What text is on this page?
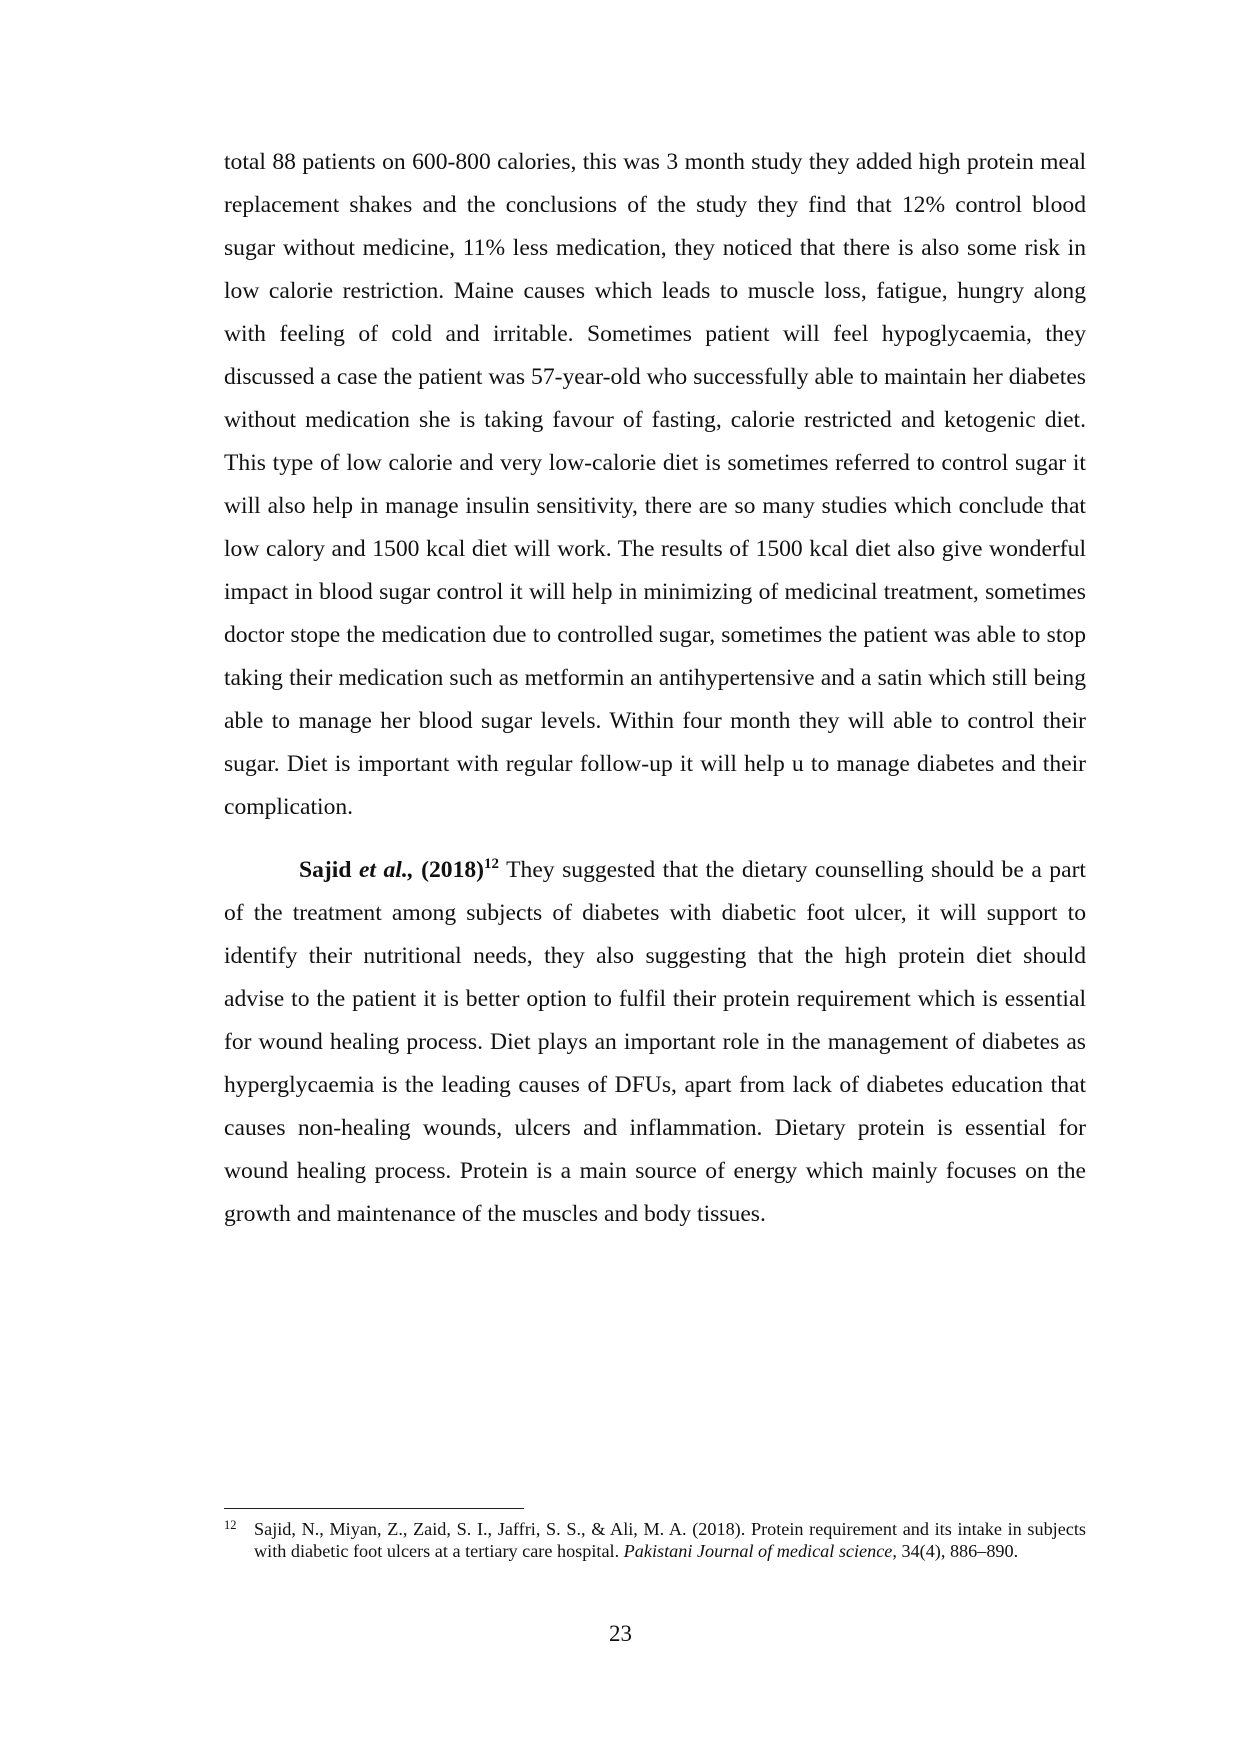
total 88 patients on 600-800 calories, this was 3 month study they added high protein meal replacement shakes and the conclusions of the study they find that 12% control blood sugar without medicine, 11% less medication, they noticed that there is also some risk in low calorie restriction. Maine causes which leads to muscle loss, fatigue, hungry along with feeling of cold and irritable. Sometimes patient will feel hypoglycaemia, they discussed a case the patient was 57-year-old who successfully able to maintain her diabetes without medication she is taking favour of fasting, calorie restricted and ketogenic diet. This type of low calorie and very low-calorie diet is sometimes referred to control sugar it will also help in manage insulin sensitivity, there are so many studies which conclude that low calory and 1500 kcal diet will work. The results of 1500 kcal diet also give wonderful impact in blood sugar control it will help in minimizing of medicinal treatment, sometimes doctor stope the medication due to controlled sugar, sometimes the patient was able to stop taking their medication such as metformin an antihypertensive and a satin which still being able to manage her blood sugar levels. Within four month they will able to control their sugar. Diet is important with regular follow-up it will help u to manage diabetes and their complication.

Sajid et al., $(2018)^{12}$ They suggested that the dietary counselling should be a part of the treatment among subjects of diabetes with diabetic foot ulcer, it will support to identify their nutritional needs, they also suggesting that the high protein diet should advise to the patient it is better option to fulfil their protein requirement which is essential for wound healing process. Diet plays an important role in the management of diabetes as hyperglycaemia is the leading causes of DFUs, apart from lack of diabetes education that causes non-healing wounds, ulcers and inflammation. Dietary protein is essential for wound healing process. Protein is a main source of energy which mainly focuses on the growth and maintenance of the muscles and body tissues.

12 Sajid, N., Miyan, Z., Zaid, S. I., Jaffri, S. S., & Ali, M. A. (2018). Protein requirement and its intake in subjects with diabetic foot ulcers at a tertiary care hospital. Pakistani Journal of medical science, 34(4), 886–890.
23
